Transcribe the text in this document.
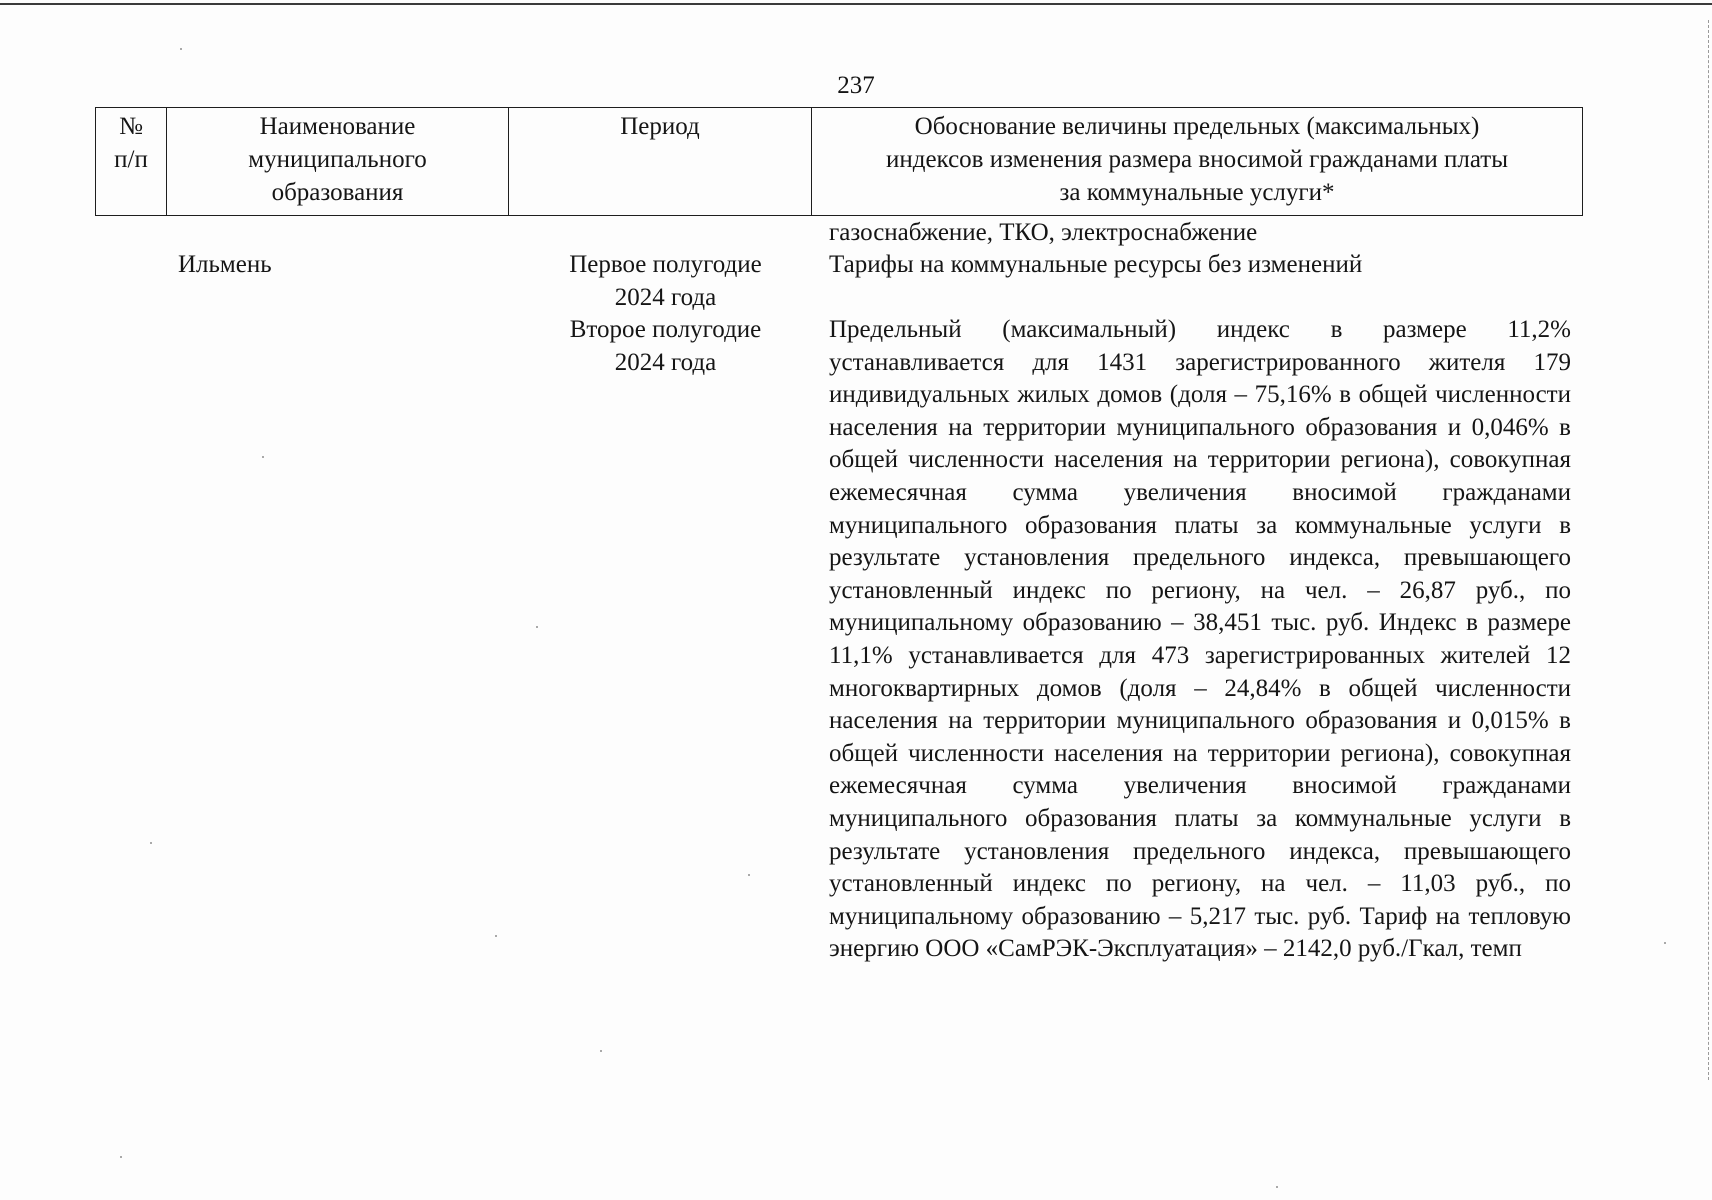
237
№
п/п
Наименование
муниципального
образования
Период	Обоснование величины предельных (максимальных)
индексов изменения размера вносимой гражданами платы
за коммунальные услуги*
газоснабжение, ТКО, электроснабжение
Ильмень	Первое полугодие
2024 года
Тарифы на коммунальные ресурсы без изменений
Второе полугодие
2024 года
Предельный (максимальный) индекс в размере 11,2% устанавливается для 1431 зарегистрированного жителя 179 индивидуальных жилых домов (доля – 75,16% в общей численности населения на территории муниципального образования и 0,046% в общей численности населения на территории региона), совокупная ежемесячная сумма увеличения вносимой гражданами муниципального образования платы за коммунальные услуги в результате установления предельного индекса, превышающего установленный индекс по региону, на чел. – 26,87 руб., по муниципальному образованию – 38,451 тыс. руб. Индекс в размере 11,1% устанавливается для 473 зарегистрированных жителей 12 многоквартирных домов (доля – 24,84% в общей численности населения на территории муниципального образования и 0,015% в общей численности населения на территории региона), совокупная ежемесячная сумма увеличения вносимой гражданами муниципального образования платы за коммунальные услуги в результате установления предельного индекса, превышающего установленный индекс по региону, на чел. – 11,03 руб., по муниципальному образованию – 5,217 тыс. руб. Тариф на тепловую энергию ООО «СамРЭК-Эксплуатация» – 2142,0 руб./Гкал, темп
